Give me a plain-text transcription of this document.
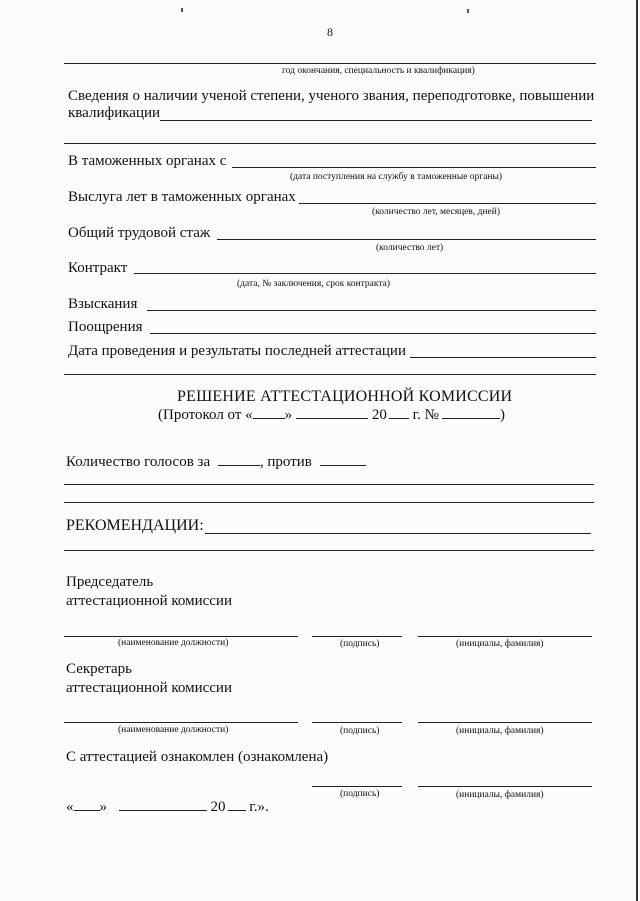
8
год окончания, специальность и квалификация)
Сведения о наличии ученой степени, ученого звания, переподготовке, повышении
квалификации
В таможенных органах с
(дата поступления на службу в таможенные органы)
Выслуга лет в таможенных органах
(количество лет, месяцев, дней)
Общий трудовой стаж
(количество лет)
Контракт
(дата, № заключения, срок контракта)
Взыскания
Поощрения
Дата проведения и результаты последней аттестации
РЕШЕНИЕ АТТЕСТАЦИОННОЙ КОМИССИИ
(Протокол от « »	20 г. №	)
Количество голосов за	, против
РЕКОМЕНДАЦИИ:
Председатель
аттестационной комиссии
(наименование должности)	(подпись)	(инициалы, фамилия)
Секретарь
аттестационной комиссии
(наименование должности)	(подпись)	(инициалы, фамилия)
С аттестацией ознакомлен (ознакомлена)
(подпись)	(инициалы, фамилия)
« »	20 г.».
